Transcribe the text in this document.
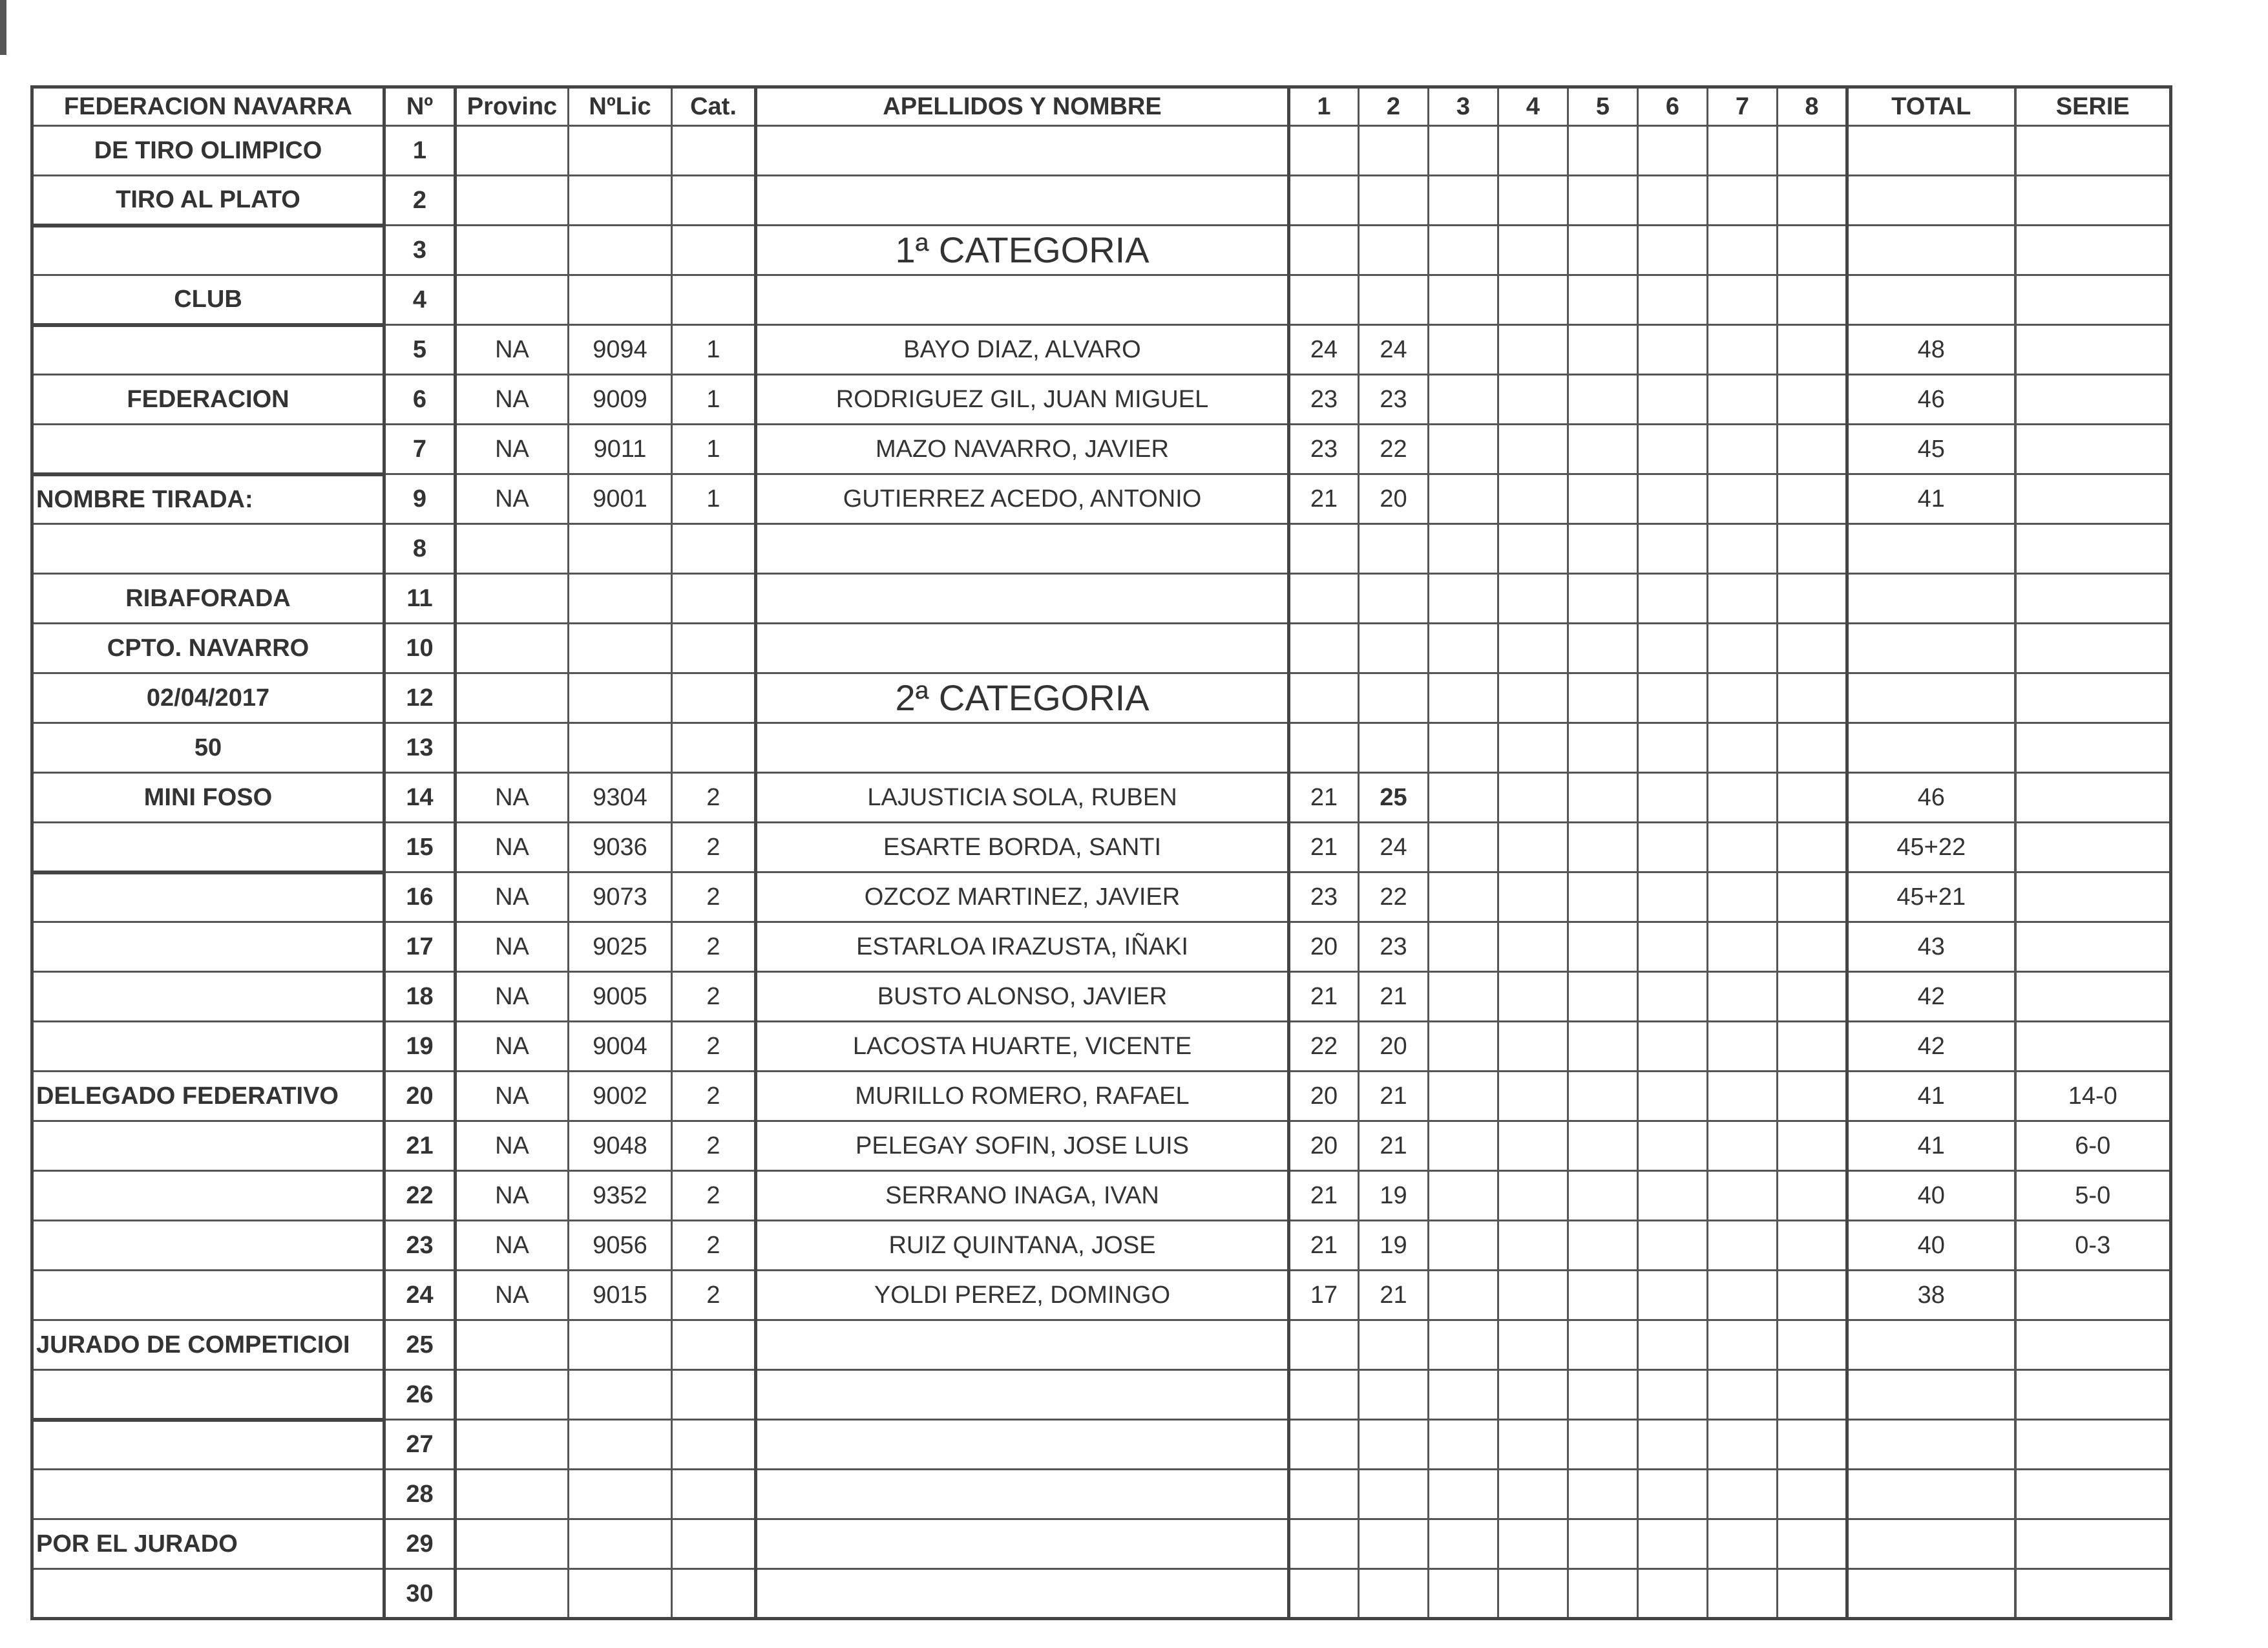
FEDERACION NAVARRA	Nº	Provinc	NºLic	Cat.	APELLIDOS Y NOMBRE	1	2	3	4	5	6	7	8	TOTAL	SERIE
DE TIRO OLIMPICO	1														
TIRO AL PLATO	2														
	3				1ª CATEGORIA										
CLUB	4														
	5	NA	9094	1	BAYO DIAZ, ALVARO	24	24							48	
FEDERACION	6	NA	9009	1	RODRIGUEZ GIL, JUAN MIGUEL	23	23							46	
	7	NA	9011	1	MAZO NAVARRO, JAVIER	23	22							45	
NOMBRE TIRADA:	9	NA	9001	1	GUTIERREZ ACEDO, ANTONIO	21	20							41	
	8														
RIBAFORADA	11														
CPTO. NAVARRO	10														
02/04/2017	12				2ª CATEGORIA										
50	13														
MINI FOSO	14	NA	9304	2	LAJUSTICIA SOLA, RUBEN	21	25							46	
	15	NA	9036	2	ESARTE BORDA, SANTI	21	24							45+22	
	16	NA	9073	2	OZCOZ MARTINEZ, JAVIER	23	22							45+21	
	17	NA	9025	2	ESTARLOA IRAZUSTA, IÑAKI	20	23							43	
	18	NA	9005	2	BUSTO ALONSO, JAVIER	21	21							42	
	19	NA	9004	2	LACOSTA HUARTE, VICENTE	22	20							42	
DELEGADO FEDERATIVO	20	NA	9002	2	MURILLO ROMERO, RAFAEL	20	21							41	14-0
	21	NA	9048	2	PELEGAY SOFIN, JOSE LUIS	20	21							41	6-0
	22	NA	9352	2	SERRANO INAGA, IVAN	21	19							40	5-0
	23	NA	9056	2	RUIZ QUINTANA, JOSE	21	19							40	0-3
	24	NA	9015	2	YOLDI PEREZ, DOMINGO	17	21							38	
JURADO DE COMPETICIOI	25														
	26														
	27														
	28														
POR EL JURADO	29														
	30														
